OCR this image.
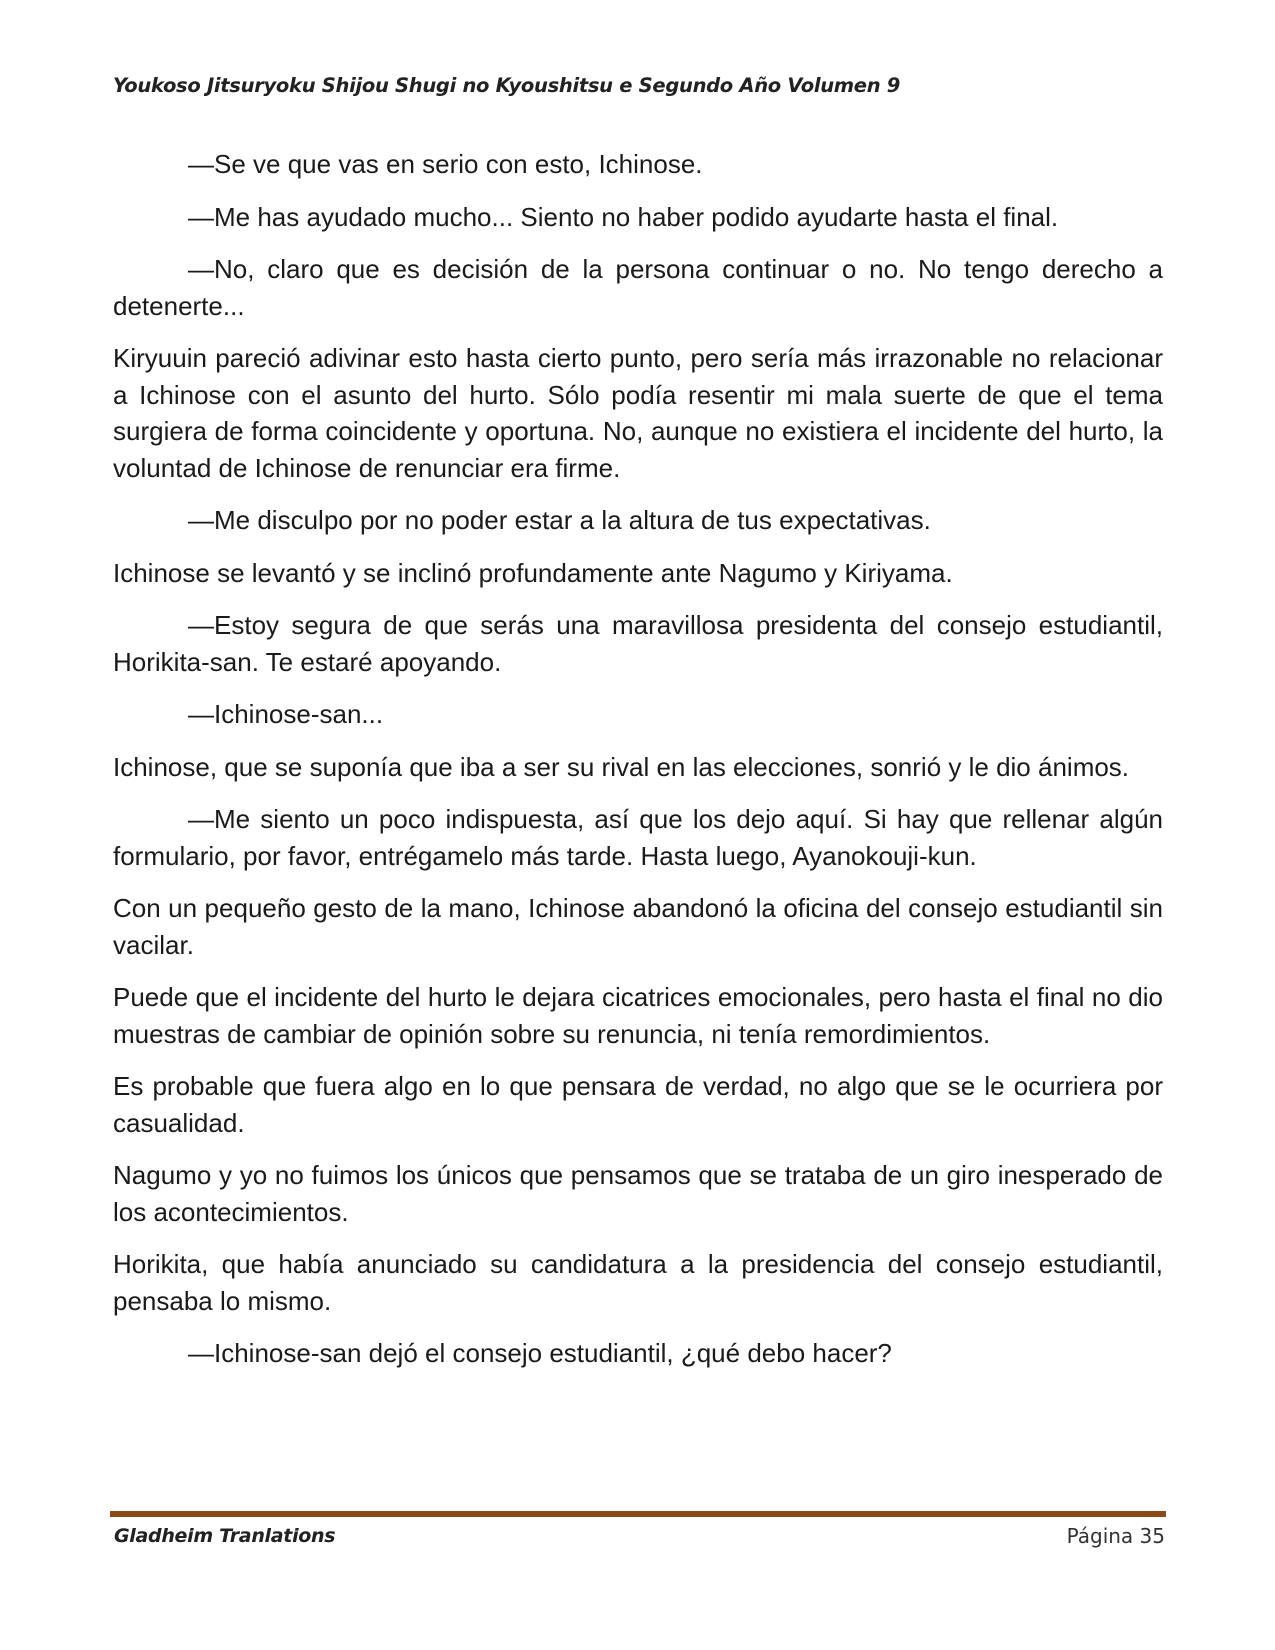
Youkoso Jitsuryoku Shijou Shugi no Kyoushitsu e Segundo Año Volumen 9

—Se ve que vas en serio con esto, Ichinose.

—Me has ayudado mucho... Siento no haber podido ayudarte hasta el final.

—No, claro que es decisión de la persona continuar o no. No tengo derecho a detenerte...

Kiryuuin pareció adivinar esto hasta cierto punto, pero sería más irrazonable no relacionar a Ichinose con el asunto del hurto. Sólo podía resentir mi mala suerte de que el tema surgiera de forma coincidente y oportuna. No, aunque no existiera el incidente del hurto, la voluntad de Ichinose de renunciar era firme.

—Me disculpo por no poder estar a la altura de tus expectativas.

Ichinose se levantó y se inclinó profundamente ante Nagumo y Kiriyama.

—Estoy segura de que serás una maravillosa presidenta del consejo estudiantil, Horikita-san. Te estaré apoyando.

—Ichinose-san...

Ichinose, que se suponía que iba a ser su rival en las elecciones, sonrió y le dio ánimos.

—Me siento un poco indispuesta, así que los dejo aquí. Si hay que rellenar algún formulario, por favor, entrégamelo más tarde. Hasta luego, Ayanokouji-kun.

Con un pequeño gesto de la mano, Ichinose abandonó la oficina del consejo estudiantil sin vacilar.

Puede que el incidente del hurto le dejara cicatrices emocionales, pero hasta el final no dio muestras de cambiar de opinión sobre su renuncia, ni tenía remordimientos.

Es probable que fuera algo en lo que pensara de verdad, no algo que se le ocurriera por casualidad.

Nagumo y yo no fuimos los únicos que pensamos que se trataba de un giro inesperado de los acontecimientos.

Horikita, que había anunciado su candidatura a la presidencia del consejo estudiantil, pensaba lo mismo.

—Ichinose-san dejó el consejo estudiantil, ¿qué debo hacer?

Gladheim Tranlations	Página 35
